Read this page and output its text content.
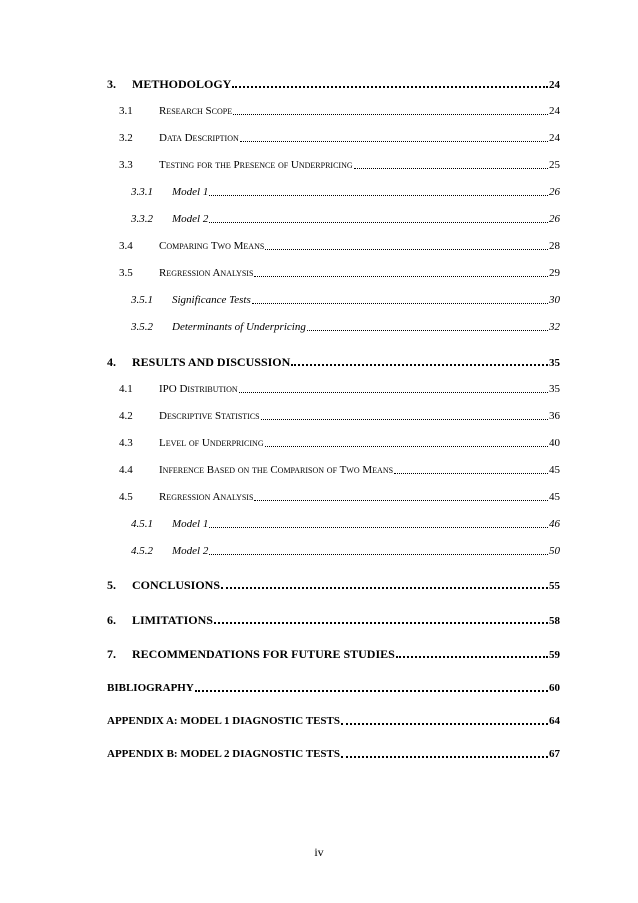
3.	METHODOLOGY	24
3.1	Research Scope	24
3.2	Data Description	24
3.3	Testing for the Presence of Underpricing	25
3.3.1	Model 1	26
3.3.2	Model 2	26
3.4	Comparing Two Means	28
3.5	Regression Analysis	29
3.5.1	Significance Tests	30
3.5.2	Determinants of Underpricing	32
4.	RESULTS AND DISCUSSION	35
4.1	IPO Distribution	35
4.2	Descriptive Statistics	36
4.3	Level of Underpricing	40
4.4	Inference Based on the Comparison of Two Means	45
4.5	Regression Analysis	45
4.5.1	Model 1	46
4.5.2	Model 2	50
5.	CONCLUSIONS	55
6.	LIMITATIONS	58
7.	RECOMMENDATIONS FOR FUTURE STUDIES	59
BIBLIOGRAPHY	60
APPENDIX A: MODEL 1 DIAGNOSTIC TESTS	64
APPENDIX B: MODEL 2 DIAGNOSTIC TESTS	67
iv
